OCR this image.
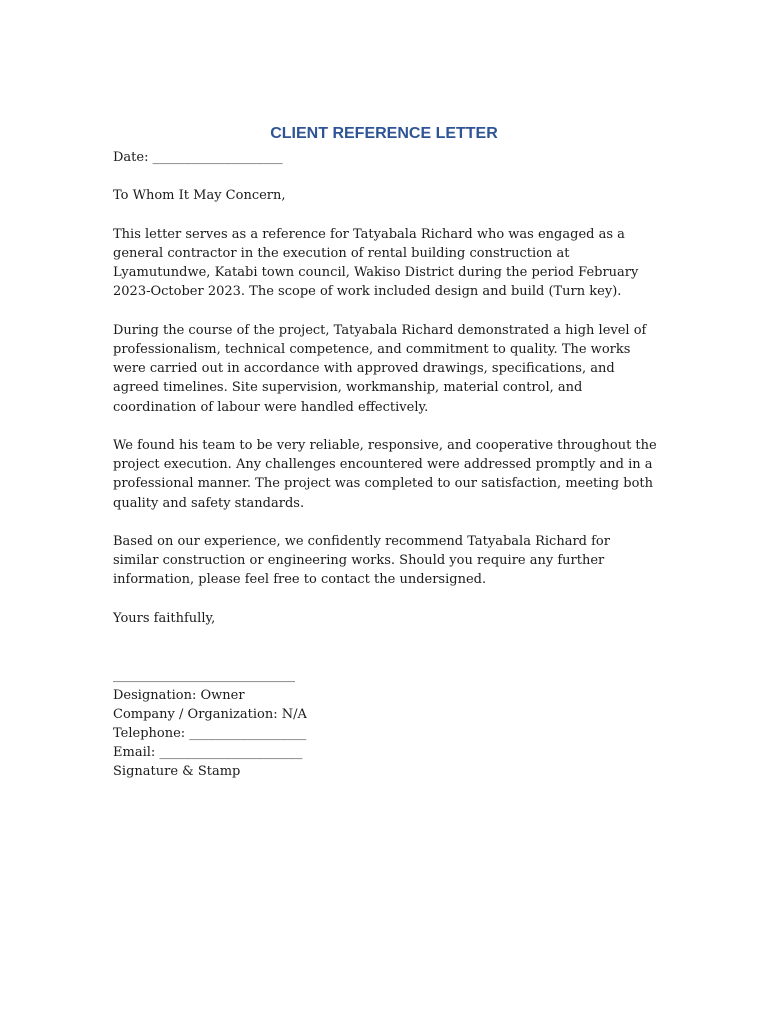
CLIENT REFERENCE LETTER
Date: ____________________
To Whom It May Concern,

This letter serves as a reference for Tatyabala Richard who was engaged as a general contractor in the execution of rental building construction at Lyamutundwe, Katabi town council, Wakiso District during the period February 2023-October 2023. The scope of work included design and build (Turn key).

During the course of the project, Tatyabala Richard demonstrated a high level of professionalism, technical competence, and commitment to quality. The works were carried out in accordance with approved drawings, specifications, and agreed timelines. Site supervision, workmanship, material control, and coordination of labour were handled effectively.

We found his team to be very reliable, responsive, and cooperative throughout the project execution. Any challenges encountered were addressed promptly and in a professional manner. The project was completed to our satisfaction, meeting both quality and safety standards.

Based on our experience, we confidently recommend Tatyabala Richard for similar construction or engineering works. Should you require any further information, please feel free to contact the undersigned.

Yours faithfully,
____________________________
Designation: Owner
Company / Organization: N/A
Telephone: __________________
Email: ______________________
Signature & Stamp
